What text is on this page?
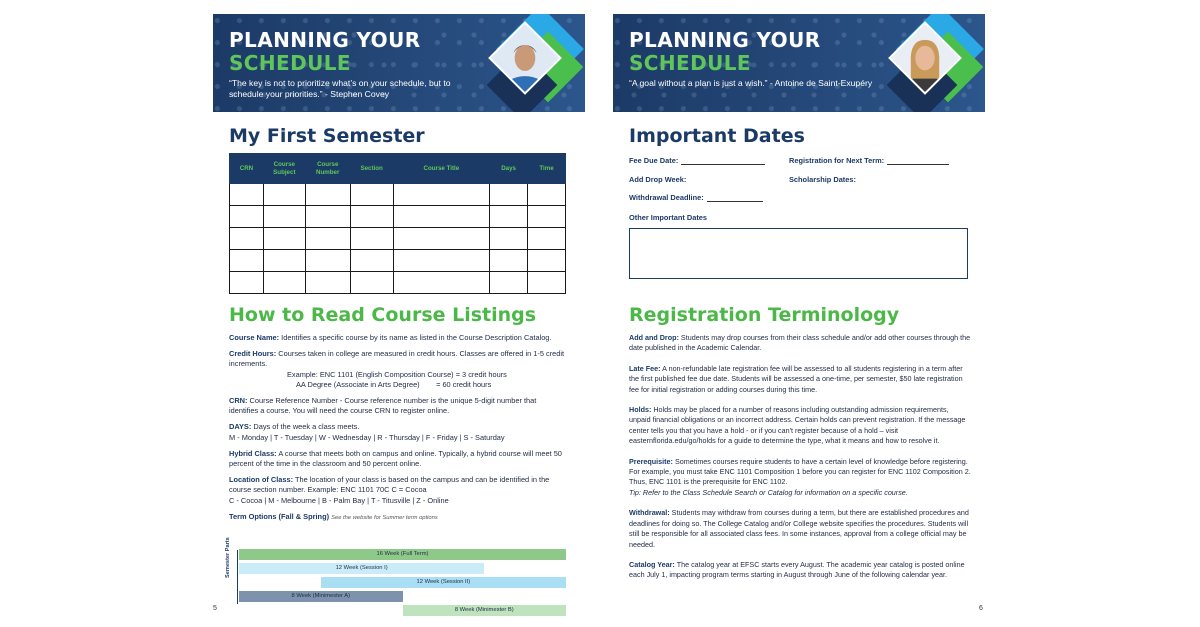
PLANNING YOUR
SCHEDULE
“The key is not to prioritize what’s on your schedule, but to schedule your priorities.” - Stephen Covey
My First Semester
CRN	Course Subject	Course Number	Section	Course Title	Days	Time

How to Read Course Listings

Course Name: Identifies a specific course by its name as listed in the Course Description Catalog.

Credit Hours: Courses taken in college are measured in credit hours. Classes are offered in 1-5 credit increments.
Example: ENC 1101 (English Composition Course) = 3 credit hours
AA Degree (Associate in Arts Degree)        = 60 credit hours

CRN: Course Reference Number - Course reference number is the unique 5-digit number that identifies a course. You will need the course CRN to register online.

DAYS: Days of the week a class meets.
M - Monday | T - Tuesday | W - Wednesday | R - Thursday | F - Friday | S - Saturday

Hybrid Class: A course that meets both on campus and online. Typically, a hybrid course will meet 50 percent of the time in the classroom and 50 percent online.

Location of Class: The location of your class is based on the campus and can be identified in the course section number. Example: ENC 1101 70C C = Cocoa
C - Cocoa | M - Melbourne | B - Palm Bay | T - Titusville | Z - Online

Term Options (Fall & Spring) See the website for Summer term options
Semester Parts	16 Week (Full Term)
12 Week (Session I)
12 Week (Session II)
8 Week (Minimester A)
8 Week (Minimester B)
5
PLANNING YOUR
SCHEDULE
“A goal without a plan is just a wish.” - Antoine de Saint-Exupéry
Important Dates
Fee Due Date:	Registration for Next Term:
Add Drop Week:	Scholarship Dates:
Withdrawal Deadline:
Other Important Dates
Registration Terminology

Add and Drop: Students may drop courses from their class schedule and/or add other courses through the date published in the Academic Calendar.

Late Fee: A non-refundable late registration fee will be assessed to all students registering in a term after the first published fee due date. Students will be assessed a one-time, per semester, $50 late registration fee for initial registration or adding courses during this time.

Holds: Holds may be placed for a number of reasons including outstanding admission requirements, unpaid financial obligations or an incorrect address. Certain holds can prevent registration. If the message center tells you that you have a hold - or if you can't register because of a hold – visit easternflorida.edu/go/holds for a guide to determine the type, what it means and how to resolve it.

Prerequisite: Sometimes courses require students to have a certain level of knowledge before registering. For example, you must take ENC 1101 Composition 1 before you can register for ENC 1102 Composition 2. Thus, ENC 1101 is the prerequisite for ENC 1102.
Tip: Refer to the Class Schedule Search or Catalog for information on a specific course.

Withdrawal: Students may withdraw from courses during a term, but there are established procedures and deadlines for doing so. The College Catalog and/or College website specifies the procedures. Students will still be responsible for all associated class fees. In some instances, approval from a college official may be needed.

Catalog Year: The catalog year at EFSC starts every August. The academic year catalog is posted online each July 1, impacting program terms starting in August through June of the following calendar year.

6
